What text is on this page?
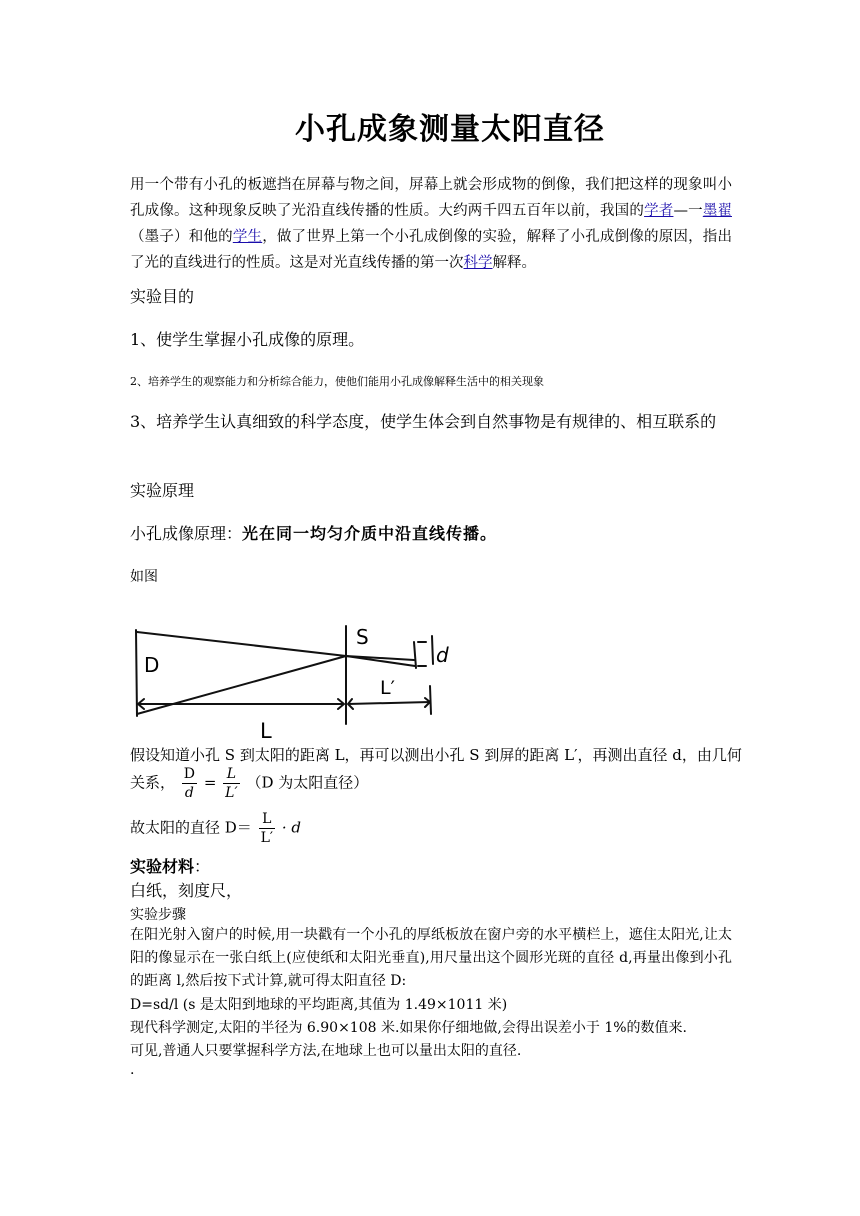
小孔成象测量太阳直径
用一个带有小孔的板遮挡在屏幕与物之间，屏幕上就会形成物的倒像，我们把这样的现象叫小孔成像。这种现象反映了光沿直线传播的性质。大约两千四五百年以前，我国的学者—一墨翟（墨子）和他的学生，做了世界上第一个小孔成倒像的实验，解释了小孔成倒像的原因，指出了光的直线进行的性质。这是对光直线传播的第一次科学解释。
实验目的
1、使学生掌握小孔成像的原理。
2、培养学生的观察能力和分析综合能力，使他们能用小孔成像解释生活中的相关现象
3、培养学生认真细致的科学态度，使学生体会到自然事物是有规律的、相互联系的
实验原理
小孔成像原理：光在同一均匀介质中沿直线传播。
如图
D
S
d
L′
L
假设知道小孔 S 到太阳的距离 L，再可以测出小孔 S 到屏的距离 L′，再测出直径 d，由几何
关系， $\frac{D}{d} = \frac{L}{L'} (D$ 为太阳直径）
故太阳的直径 $D= \frac{L}{L'} \cdot d$
实验材料：
白纸，刻度尺，
实验步骤
在阳光射入窗户的时候,用一块戳有一个小孔的厚纸板放在窗户旁的水平横栏上，遮住太阳光,让太阳的像显示在一张白纸上(应使纸和太阳光垂直),用尺量出这个圆形光斑的直径 d,再量出像到小孔的距离 l,然后按下式计算,就可得太阳直径 D:
D=sd/l (s 是太阳到地球的平均距离,其值为 1.49×1011 米)
现代科学测定,太阳的半径为 6.90×108 米.如果你仔细地做,会得出误差小于 1%的数值来.
可见,普通人只要掌握科学方法,在地球上也可以量出太阳的直径.
.
